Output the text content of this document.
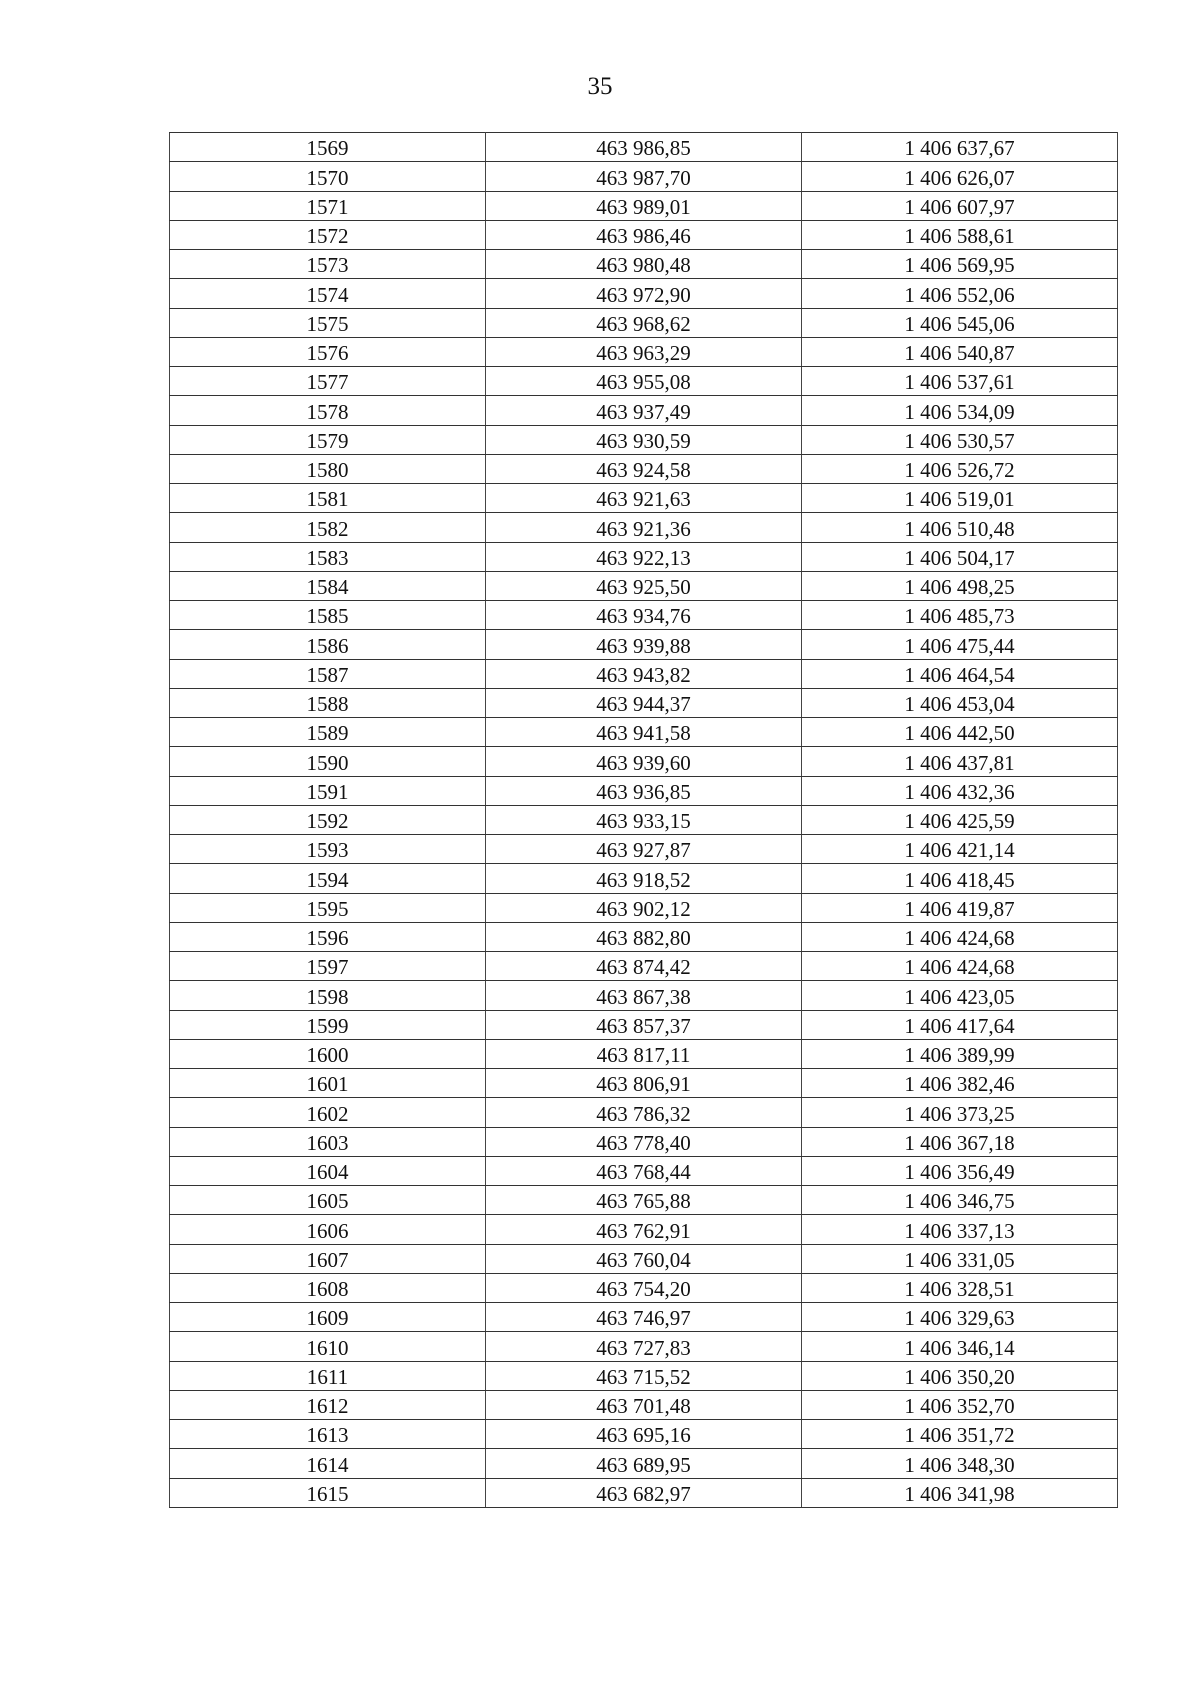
35
1569	463 986,85	1 406 637,67
1570	463 987,70	1 406 626,07
1571	463 989,01	1 406 607,97
1572	463 986,46	1 406 588,61
1573	463 980,48	1 406 569,95
1574	463 972,90	1 406 552,06
1575	463 968,62	1 406 545,06
1576	463 963,29	1 406 540,87
1577	463 955,08	1 406 537,61
1578	463 937,49	1 406 534,09
1579	463 930,59	1 406 530,57
1580	463 924,58	1 406 526,72
1581	463 921,63	1 406 519,01
1582	463 921,36	1 406 510,48
1583	463 922,13	1 406 504,17
1584	463 925,50	1 406 498,25
1585	463 934,76	1 406 485,73
1586	463 939,88	1 406 475,44
1587	463 943,82	1 406 464,54
1588	463 944,37	1 406 453,04
1589	463 941,58	1 406 442,50
1590	463 939,60	1 406 437,81
1591	463 936,85	1 406 432,36
1592	463 933,15	1 406 425,59
1593	463 927,87	1 406 421,14
1594	463 918,52	1 406 418,45
1595	463 902,12	1 406 419,87
1596	463 882,80	1 406 424,68
1597	463 874,42	1 406 424,68
1598	463 867,38	1 406 423,05
1599	463 857,37	1 406 417,64
1600	463 817,11	1 406 389,99
1601	463 806,91	1 406 382,46
1602	463 786,32	1 406 373,25
1603	463 778,40	1 406 367,18
1604	463 768,44	1 406 356,49
1605	463 765,88	1 406 346,75
1606	463 762,91	1 406 337,13
1607	463 760,04	1 406 331,05
1608	463 754,20	1 406 328,51
1609	463 746,97	1 406 329,63
1610	463 727,83	1 406 346,14
1611	463 715,52	1 406 350,20
1612	463 701,48	1 406 352,70
1613	463 695,16	1 406 351,72
1614	463 689,95	1 406 348,30
1615	463 682,97	1 406 341,98
